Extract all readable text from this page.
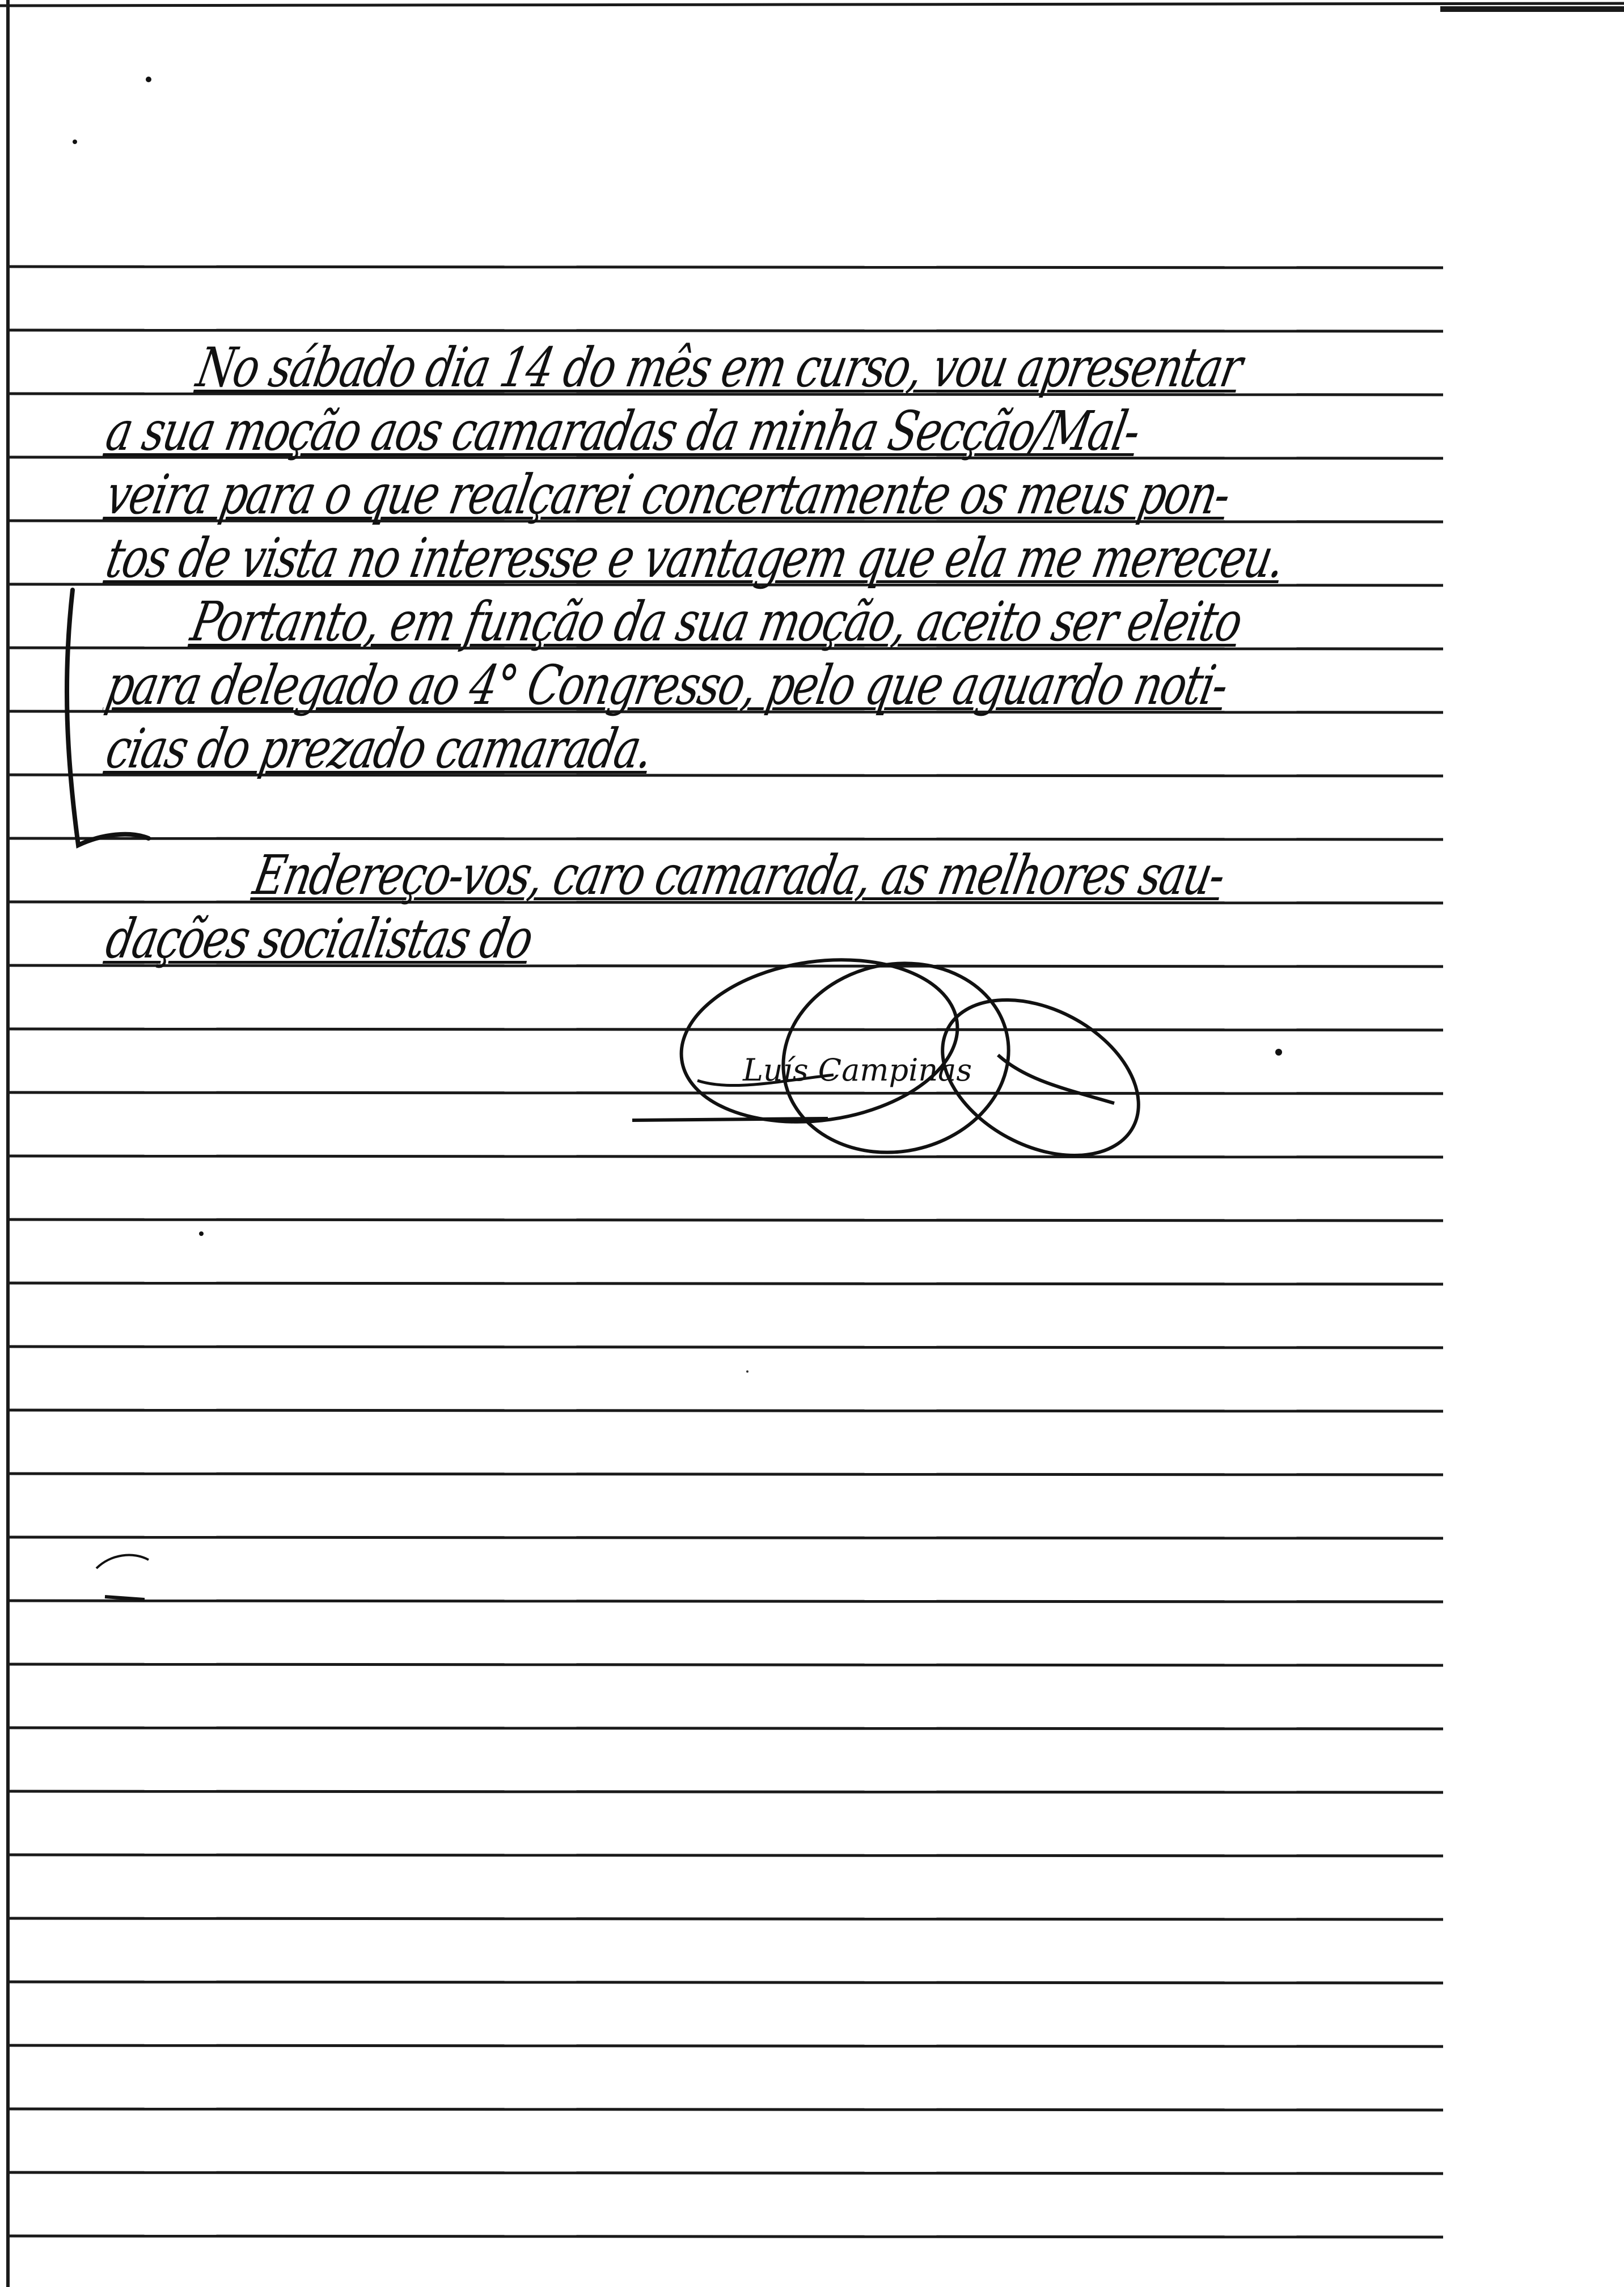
Luís Campinas
No sábado dia 14 do mês em curso, vou apresentar
a sua moção aos camaradas da minha Secção/Mal-
veira para o que realçarei concertamente os meus pon-
tos de vista no interesse e vantagem que ela me mereceu.
Portanto, em função da sua moção, aceito ser eleito
para delegado ao 4° Congresso, pelo que aguardo noti-
cias do prezado camarada.
Endereço-vos, caro camarada, as melhores sau-
dações socialistas do
